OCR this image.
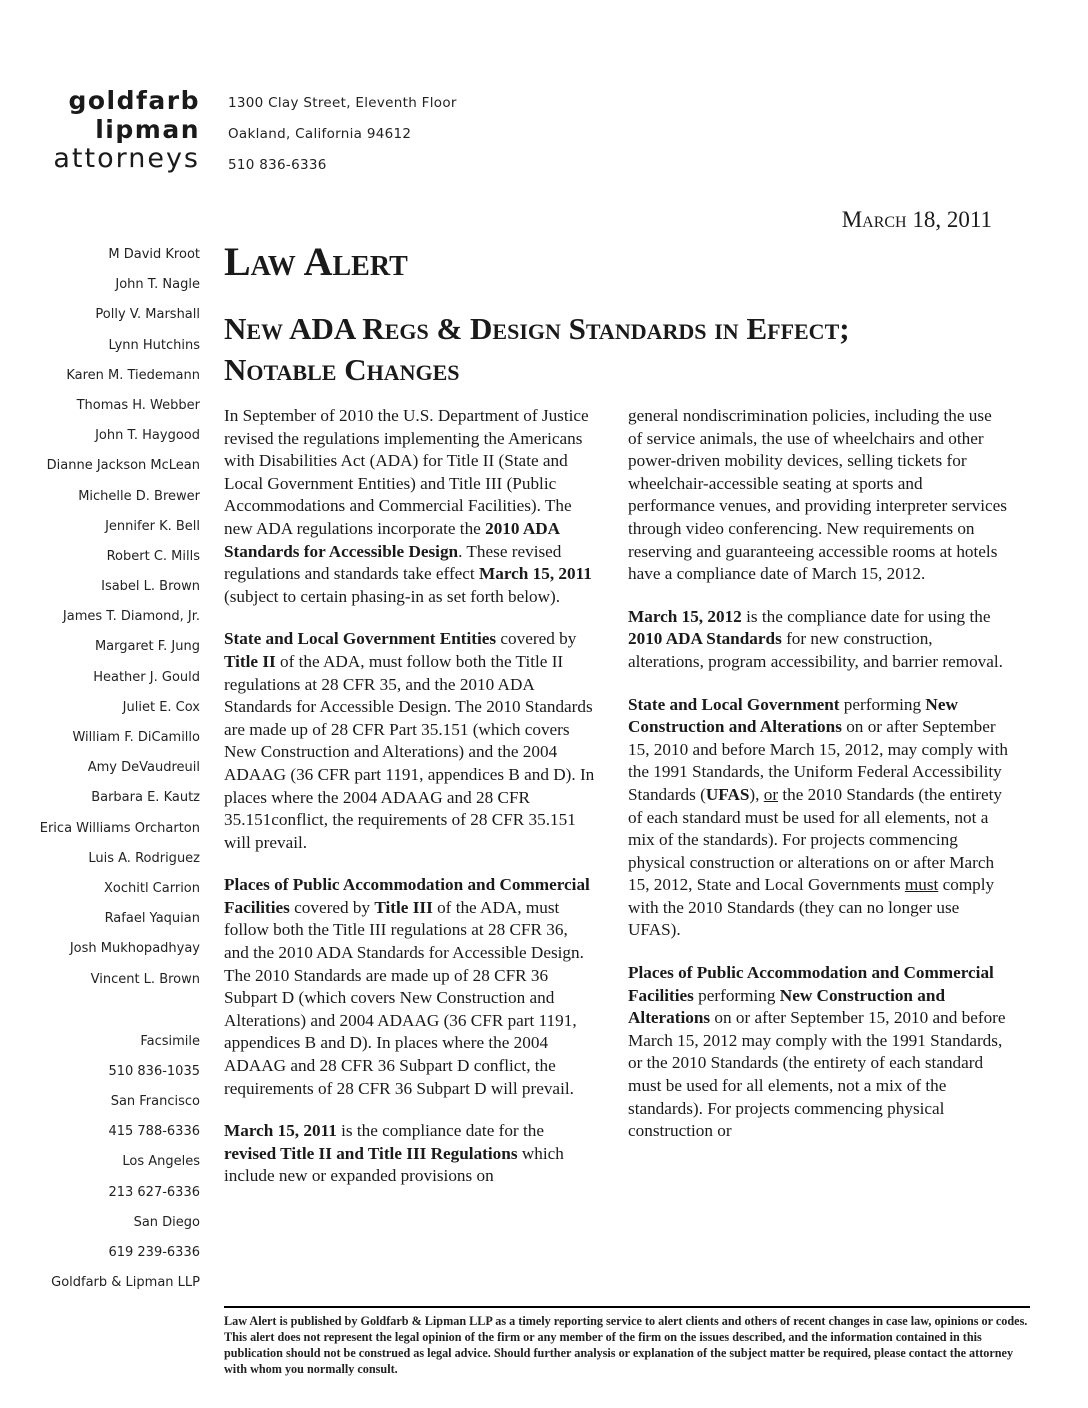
goldfarb
lipman
attorneys
1300 Clay Street, Eleventh Floor
Oakland, California 94612
510 836-6336
M David Kroot
John T. Nagle
Polly V. Marshall
Lynn Hutchins
Karen M. Tiedemann
Thomas H. Webber
John T. Haygood
Dianne Jackson McLean
Michelle D. Brewer
Jennifer K. Bell
Robert C. Mills
Isabel L. Brown
James T. Diamond, Jr.
Margaret F. Jung
Heather J. Gould
Juliet E. Cox
William F. DiCamillo
Amy DeVaudreuil
Barbara E. Kautz
Erica Williams Orcharton
Luis A. Rodriguez
Xochitl Carrion
Rafael Yaquian
Josh Mukhopadhyay
Vincent L. Brown
Facsimile
510 836-1035
San Francisco
415 788-6336
Los Angeles
213 627-6336
San Diego
619 239-6336
Goldfarb & Lipman LLP
March 18, 2011
Law Alert
New ADA Regs & Design Standards in Effect;
Notable Changes

In September of 2010 the U.S. Department of Justice revised the regulations implementing the Americans with Disabilities Act (ADA) for Title II (State and Local Government Entities) and Title III (Public Accommodations and Commercial Facilities). The new ADA regulations incorporate the 2010 ADA Standards for Accessible Design. These revised regulations and standards take effect March 15, 2011 (subject to certain phasing-in as set forth below).

State and Local Government Entities covered by Title II of the ADA, must follow both the Title II regulations at 28 CFR 35, and the 2010 ADA Standards for Accessible Design. The 2010 Standards are made up of 28 CFR Part 35.151 (which covers New Construction and Alterations) and the 2004 ADAAG (36 CFR part 1191, appendices B and D). In places where the 2004 ADAAG and 28 CFR 35.151conflict, the requirements of 28 CFR 35.151 will prevail.

Places of Public Accommodation and Commercial Facilities covered by Title III of the ADA, must follow both the Title III regulations at 28 CFR 36, and the 2010 ADA Standards for Accessible Design. The 2010 Standards are made up of 28 CFR 36 Subpart D (which covers New Construction and Alterations) and 2004 ADAAG (36 CFR part 1191, appendices B and D). In places where the 2004 ADAAG and 28 CFR 36 Subpart D conflict, the requirements of 28 CFR 36 Subpart D will prevail.

March 15, 2011 is the compliance date for the revised Title II and Title III Regulations which include new or expanded provisions on

general nondiscrimination policies, including the use of service animals, the use of wheelchairs and other power-driven mobility devices, selling tickets for wheelchair-accessible seating at sports and performance venues, and providing interpreter services through video conferencing. New requirements on reserving and guaranteeing accessible rooms at hotels have a compliance date of March 15, 2012.

March 15, 2012 is the compliance date for using the 2010 ADA Standards for new construction, alterations, program accessibility, and barrier removal.

State and Local Government performing New Construction and Alterations on or after September 15, 2010 and before March 15, 2012, may comply with the 1991 Standards, the Uniform Federal Accessibility Standards (UFAS), or the 2010 Standards (the entirety of each standard must be used for all elements, not a mix of the standards). For projects commencing physical construction or alterations on or after March 15, 2012, State and Local Governments must comply with the 2010 Standards (they can no longer use UFAS).

Places of Public Accommodation and Commercial Facilities performing New Construction and Alterations on or after September 15, 2010 and before March 15, 2012 may comply with the 1991 Standards, or the 2010 Standards (the entirety of each standard must be used for all elements, not a mix of the standards). For projects commencing physical construction or

Law Alert is published by Goldfarb & Lipman LLP as a timely reporting service to alert clients and others of recent changes in case law, opinions or codes. This alert does not represent the legal opinion of the firm or any member of the firm on the issues described, and the information contained in this publication should not be construed as legal advice. Should further analysis or explanation of the subject matter be required, please contact the attorney with whom you normally consult.
